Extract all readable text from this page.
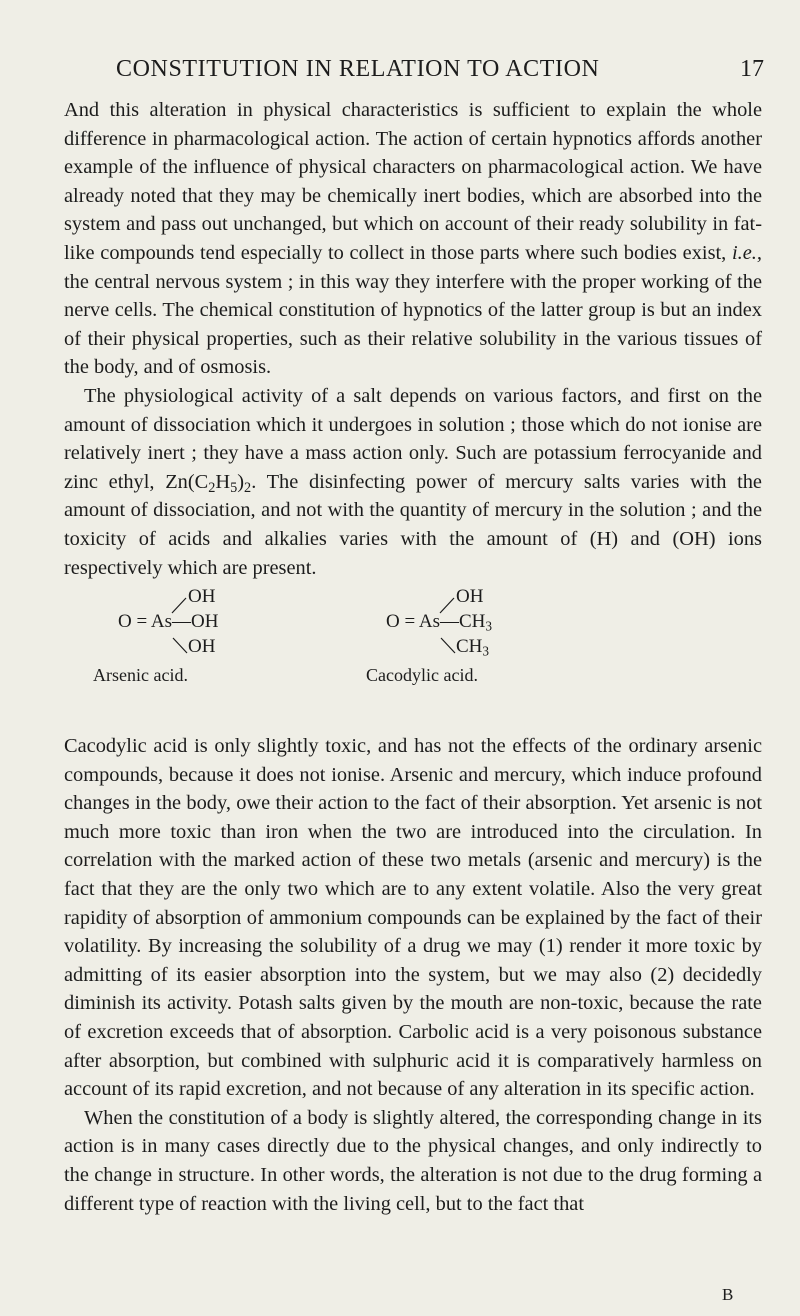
CONSTITUTION IN RELATION TO ACTION	17

And this alteration in physical characteristics is sufficient to explain the whole difference in pharmacological action. The action of certain hypnotics affords another example of the influence of physical characters on pharmacological action. We have already noted that they may be chemically inert bodies, which are absorbed into the system and pass out unchanged, but which on account of their ready solubility in fat-like compounds tend especially to collect in those parts where such bodies exist, i.e., the central nervous system ; in this way they interfere with the proper working of the nerve cells. The chemical constitution of hypnotics of the latter group is but an index of their physical properties, such as their relative solubility in the various tissues of the body, and of osmosis.

The physiological activity of a salt depends on various factors, and first on the amount of dissociation which it undergoes in solution ; those which do not ionise are relatively inert ; they have a mass action only. Such are potassium ferrocyanide and zinc ethyl, $Zn(C_2H_5)_2$. The disinfecting power of mercury salts varies with the amount of dissociation, and not with the quantity of mercury in the solution ; and the toxicity of acids and alkalies varies with the amount of (H) and (OH) ions respectively which are present.

OH
O = As—OH
OH
Arsenic acid.
OH
$O = As—CH_3$
$CH_3$
Cacodylic acid.

Cacodylic acid is only slightly toxic, and has not the effects of the ordinary arsenic compounds, because it does not ionise. Arsenic and mercury, which induce profound changes in the body, owe their action to the fact of their absorption. Yet arsenic is not much more toxic than iron when the two are introduced into the circulation. In correlation with the marked action of these two metals (arsenic and mercury) is the fact that they are the only two which are to any extent volatile. Also the very great rapidity of absorption of ammonium compounds can be explained by the fact of their volatility. By increasing the solubility of a drug we may (1) render it more toxic by admitting of its easier absorption into the system, but we may also (2) decidedly diminish its activity. Potash salts given by the mouth are non-toxic, because the rate of excretion exceeds that of absorption. Carbolic acid is a very poisonous substance after absorption, but combined with sulphuric acid it is comparatively harmless on account of its rapid excretion, and not because of any alteration in its specific action.

When the constitution of a body is slightly altered, the corresponding change in its action is in many cases directly due to the physical changes, and only indirectly to the change in structure. In other words, the alteration is not due to the drug forming a different type of reaction with the living cell, but to the fact that

B
